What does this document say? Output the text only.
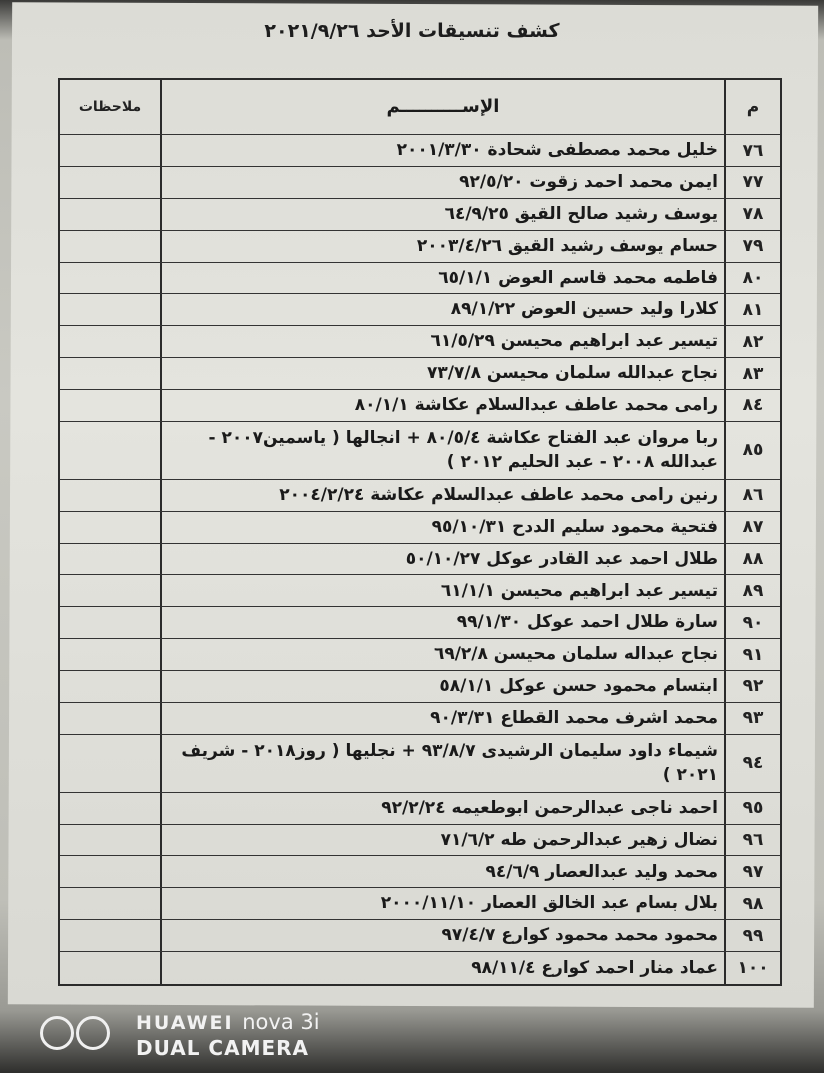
كشف تنسيقات الأحد ٢٠٢١/٩/٢٦
م
الإســــــــــم
ملاحظات
٧٦
خليل محمد مصطفى شحادة ٢٠٠١/٣/٣٠
٧٧
ايمن محمد احمد زقوت ٩٢/٥/٢٠
٧٨
يوسف رشيد صالح القيق ٦٤/٩/٢٥
٧٩
حسام يوسف رشيد القيق ٢٠٠٣/٤/٢٦
٨٠
فاطمه محمد قاسم العوض ٦٥/١/١
٨١
كلارا وليد حسين العوض ٨٩/١/٢٢
٨٢
تيسير عبد ابراهيم محيسن ٦١/٥/٢٩
٨٣
نجاح عبدالله سلمان محيسن ٧٣/٧/٨
٨٤
رامى محمد عاطف عبدالسلام عكاشة ٨٠/١/١
٨٥
ربا مروان عبد الفتاح عكاشة ٨٠/٥/٤ + انجالها ( ياسمين٢٠٠٧ - عبدالله ٢٠٠٨ - عبد الحليم ٢٠١٢ )
٨٦
رنين رامى محمد عاطف عبدالسلام عكاشة ٢٠٠٤/٢/٢٤
٨٧
فتحية محمود سليم الددح ٩٥/١٠/٣١
٨٨
طلال احمد عبد القادر عوكل ٥٠/١٠/٢٧
٨٩
تيسير عبد ابراهيم محيسن ٦١/١/١
٩٠
سارة طلال احمد عوكل ٩٩/١/٣٠
٩١
نجاح عبداله سلمان محيسن ٦٩/٢/٨
٩٢
ابتسام محمود حسن عوكل ٥٨/١/١
٩٣
محمد اشرف محمد القطاع ٩٠/٣/٣١
٩٤
شيماء داود سليمان الرشيدى ٩٣/٨/٧ + نجليها ( روز٢٠١٨ - شريف ٢٠٢١ )
٩٥
احمد ناجى عبدالرحمن ابوطعيمه ٩٢/٢/٢٤
٩٦
نضال زهير عبدالرحمن طه ٧١/٦/٢
٩٧
محمد وليد عبدالعصار ٩٤/٦/٩
٩٨
بلال بسام عبد الخالق العصار ٢٠٠٠/١١/١٠
٩٩
محمود محمد محمود كوارع ٩٧/٤/٧
١٠٠
عماد منار احمد كوارع ٩٨/١١/٤
HUAWEI nova 3i
DUAL CAMERA
